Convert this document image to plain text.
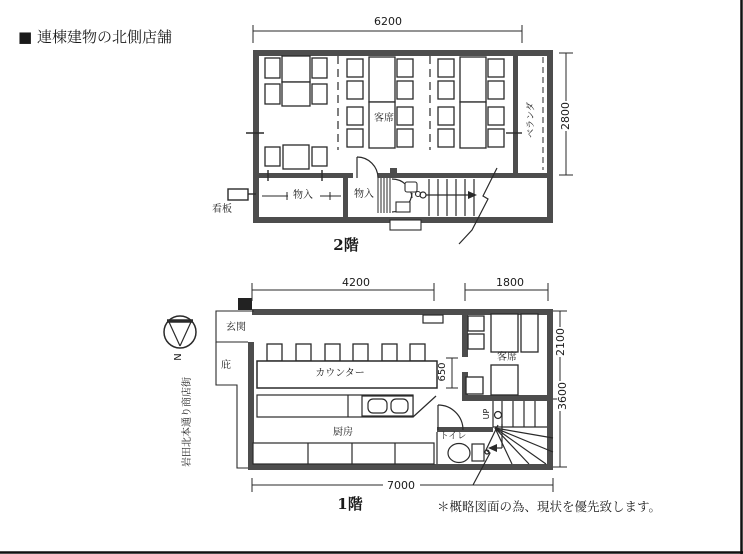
■ 連棟建物の北側店舗
6200
2800
客席	ベランダ
物入	物入
看板
2階
4200	1800
2100
3600
650
7000
玄関
庇
カウンター
厨房	トイレ
客席
UP
1階
N
岩田北本通り商店街
＊概略図面の為、現状を優先致します。
